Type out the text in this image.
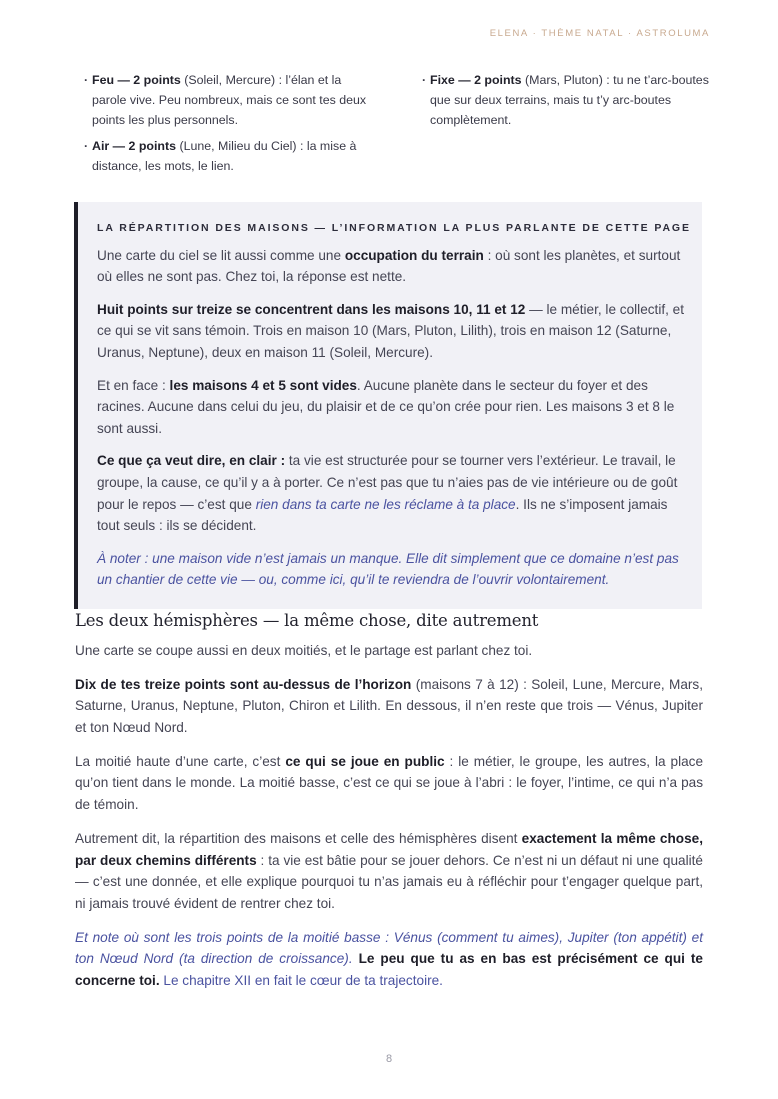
ELENA · THÈME NATAL · ASTROLUMA
· Feu — 2 points (Soleil, Mercure) : l’élan et la parole vive. Peu nombreux, mais ce sont tes deux points les plus personnels.
· Air — 2 points (Lune, Milieu du Ciel) : la mise à distance, les mots, le lien.
· Fixe — 2 points (Mars, Pluton) : tu ne t’arc-boutes que sur deux terrains, mais tu t’y arc-boutes complètement.
LA RÉPARTITION DES MAISONS — L’INFORMATION LA PLUS PARLANTE DE CETTE PAGE

Une carte du ciel se lit aussi comme une occupation du terrain : où sont les planètes, et surtout où elles ne sont pas. Chez toi, la réponse est nette.

Huit points sur treize se concentrent dans les maisons 10, 11 et 12 — le métier, le collectif, et ce qui se vit sans témoin. Trois en maison 10 (Mars, Pluton, Lilith), trois en maison 12 (Saturne, Uranus, Neptune), deux en maison 11 (Soleil, Mercure).

Et en face : les maisons 4 et 5 sont vides. Aucune planète dans le secteur du foyer et des racines. Aucune dans celui du jeu, du plaisir et de ce qu’on crée pour rien. Les maisons 3 et 8 le sont aussi.

Ce que ça veut dire, en clair : ta vie est structurée pour se tourner vers l’extérieur. Le travail, le groupe, la cause, ce qu’il y a à porter. Ce n’est pas que tu n’aies pas de vie intérieure ou de goût pour le repos — c’est que rien dans ta carte ne les réclame à ta place. Ils ne s’imposent jamais tout seuls : ils se décident.

À noter : une maison vide n’est jamais un manque. Elle dit simplement que ce domaine n’est pas un chantier de cette vie — ou, comme ici, qu’il te reviendra de l’ouvrir volontairement.

Les deux hémisphères — la même chose, dite autrement

Une carte se coupe aussi en deux moitiés, et le partage est parlant chez toi.

Dix de tes treize points sont au-dessus de l’horizon (maisons 7 à 12) : Soleil, Lune, Mercure, Mars, Saturne, Uranus, Neptune, Pluton, Chiron et Lilith. En dessous, il n’en reste que trois — Vénus, Jupiter et ton Nœud Nord.

La moitié haute d’une carte, c’est ce qui se joue en public : le métier, le groupe, les autres, la place qu’on tient dans le monde. La moitié basse, c’est ce qui se joue à l’abri : le foyer, l’intime, ce qui n’a pas de témoin.

Autrement dit, la répartition des maisons et celle des hémisphères disent exactement la même chose, par deux chemins différents : ta vie est bâtie pour se jouer dehors. Ce n’est ni un défaut ni une qualité — c’est une donnée, et elle explique pourquoi tu n’as jamais eu à réfléchir pour t’engager quelque part, ni jamais trouvé évident de rentrer chez toi.

Et note où sont les trois points de la moitié basse : Vénus (comment tu aimes), Jupiter (ton appétit) et ton Nœud Nord (ta direction de croissance). Le peu que tu as en bas est précisément ce qui te concerne toi. Le chapitre XII en fait le cœur de ta trajectoire.

8
